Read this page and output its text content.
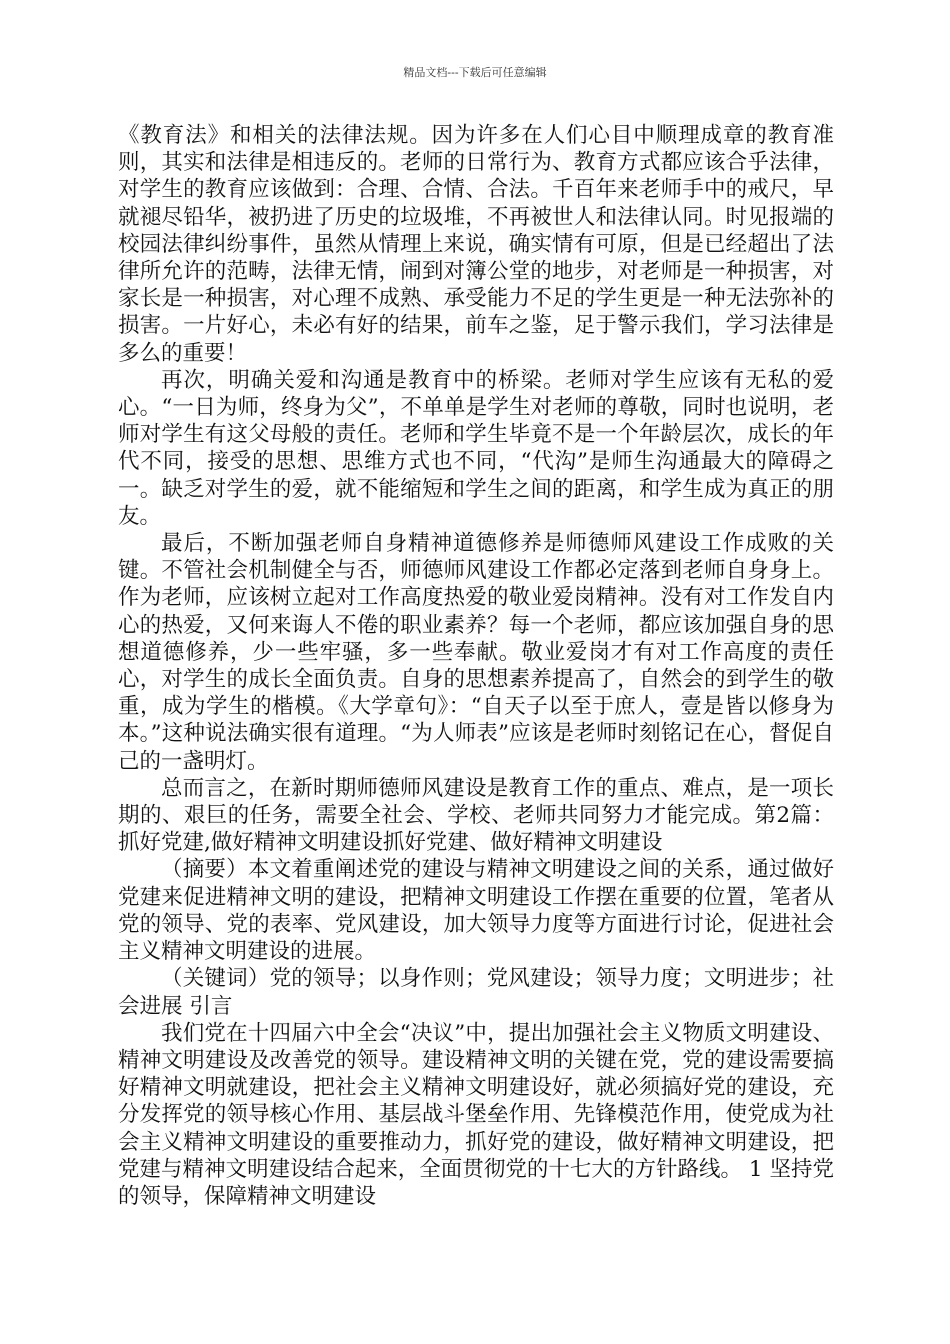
精品文档---下载后可任意编辑

《教育法》和相关的法律法规。因为许多在人们心目中顺理成章的教育准则，其实和法律是相违反的。老师的日常行为、教育方式都应该合乎法律，对学生的教育应该做到：合理、合情、合法。千百年来老师手中的戒尺，早就褪尽铅华，被扔进了历史的垃圾堆，不再被世人和法律认同。时见报端的校园法律纠纷事件，虽然从情理上来说，确实情有可原，但是已经超出了法律所允许的范畴，法律无情，闹到对簿公堂的地步，对老师是一种损害，对家长是一种损害，对心理不成熟、承受能力不足的学生更是一种无法弥补的损害。一片好心，未必有好的结果，前车之鉴，足于警示我们，学习法律是多么的重要！

再次，明确关爱和沟通是教育中的桥梁。老师对学生应该有无私的爱心。“一日为师，终身为父”，不单单是学生对老师的尊敬，同时也说明，老师对学生有这父母般的责任。老师和学生毕竟不是一个年龄层次，成长的年代不同，接受的思想、思维方式也不同，“代沟”是师生沟通最大的障碍之一。缺乏对学生的爱，就不能缩短和学生之间的距离，和学生成为真正的朋友。

最后，不断加强老师自身精神道德修养是师德师风建设工作成败的关键。不管社会机制健全与否，师德师风建设工作都必定落到老师自身身上。作为老师，应该树立起对工作高度热爱的敬业爱岗精神。没有对工作发自内心的热爱，又何来诲人不倦的职业素养？每一个老师，都应该加强自身的思想道德修养，少一些牢骚，多一些奉献。敬业爱岗才有对工作高度的责任心，对学生的成长全面负责。自身的思想素养提高了，自然会的到学生的敬重，成为学生的楷模。《大学章句》：“自天子以至于庶人，壹是皆以修身为本。”这种说法确实很有道理。“为人师表”应该是老师时刻铭记在心，督促自己的一盏明灯。

总而言之，在新时期师德师风建设是教育工作的重点、难点，是一项长期的、艰巨的任务，需要全社会、学校、老师共同努力才能完成。第2篇：抓好党建,做好精神文明建设抓好党建、做好精神文明建设

（摘要）本文着重阐述党的建设与精神文明建设之间的关系，通过做好党建来促进精神文明的建设，把精神文明建设工作摆在重要的位置，笔者从党的领导、党的表率、党风建设，加大领导力度等方面进行讨论，促进社会主义精神文明建设的进展。

（关键词）党的领导；以身作则；党风建设；领导力度；文明进步；社会进展 引言

我们党在十四届六中全会“决议”中，提出加强社会主义物质文明建设、精神文明建设及改善党的领导。建设精神文明的关键在党，党的建设需要搞好精神文明就建设，把社会主义精神文明建设好，就必须搞好党的建设，充分发挥党的领导核心作用、基层战斗堡垒作用、先锋模范作用，使党成为社会主义精神文明建设的重要推动力，抓好党的建设，做好精神文明建设，把党建与精神文明建设结合起来，全面贯彻党的十七大的方针路线。 1 坚持党的领导，保障精神文明建设
